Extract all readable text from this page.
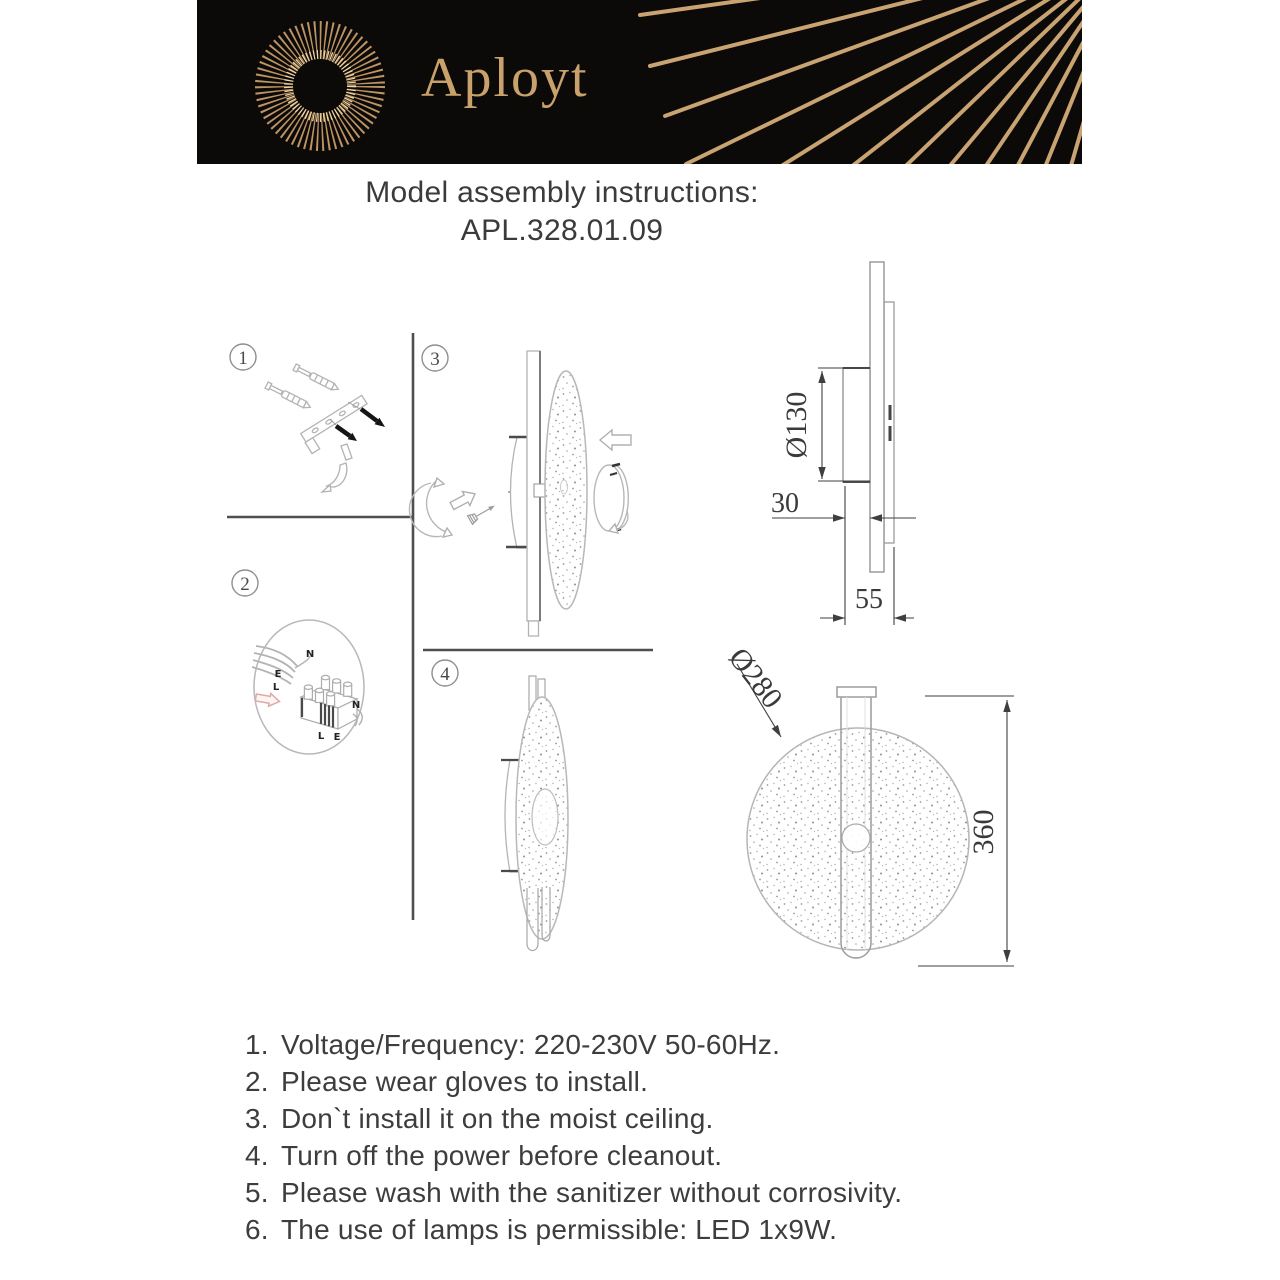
Aployt
Model assembly instructions:
APL.328.01.09
1
2
3
4
N
E
L
L E
N
Ø130
30
55
Ø280
360
1. Voltage/Frequency: 220-230V 50-60Hz.
2. Please wear gloves to install.
3. Don`t install it on the moist ceiling.
4. Turn off the power before cleanout.
5. Please wash with the sanitizer without corrosivity.
6. The use of lamps is permissible: LED 1x9W.
